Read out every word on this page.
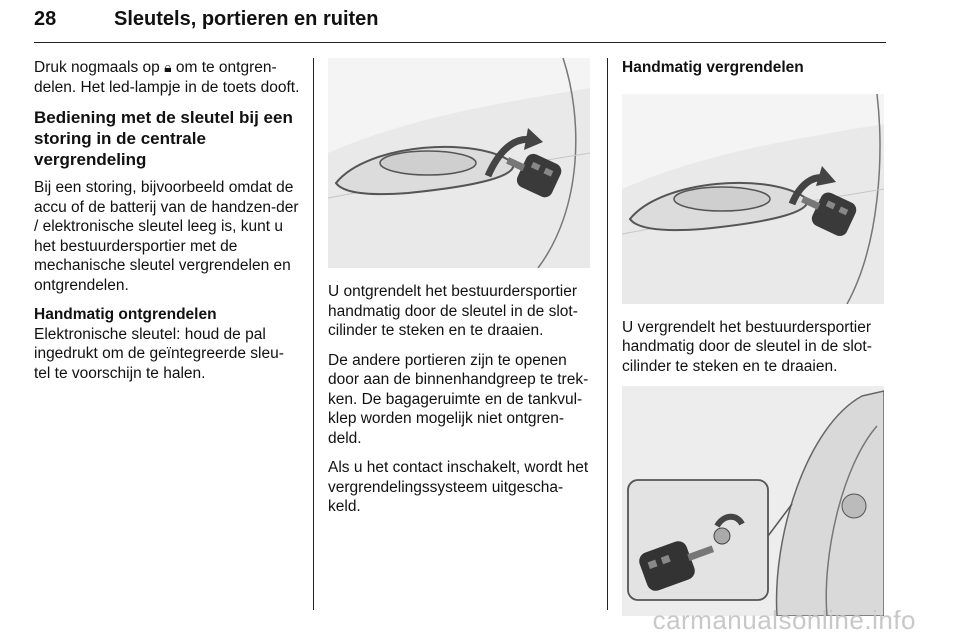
28	Sleutels, portieren en ruiten

Druk nogmaals op 🔒︎ om te ontgren-delen. Het led-lampje in de toets dooft.

Bediening met de sleutel bij een storing in de centrale vergrendeling

Bij een storing, bijvoorbeeld omdat de accu of de batterij van de handzen-der / elektronische sleutel leeg is, kunt u het bestuurdersportier met de mechanische sleutel vergrendelen en ontgrendelen.

Handmatig ontgrendelen

Elektronische sleutel: houd de pal ingedrukt om de geïntegreerde sleu-tel te voorschijn te halen.

U ontgrendelt het bestuurdersportier handmatig door de sleutel in de slot-cilinder te steken en te draaien.

De andere portieren zijn te openen door aan de binnenhandgreep te trek-ken. De bagageruimte en de tankvul-klep worden mogelijk niet ontgren-deld.

Als u het contact inschakelt, wordt het vergrendelingssysteem uitgescha-keld.

Handmatig vergrendelen

U vergrendelt het bestuurdersportier handmatig door de sleutel in de slot-cilinder te steken en te draaien.

carmanualsonline.info
